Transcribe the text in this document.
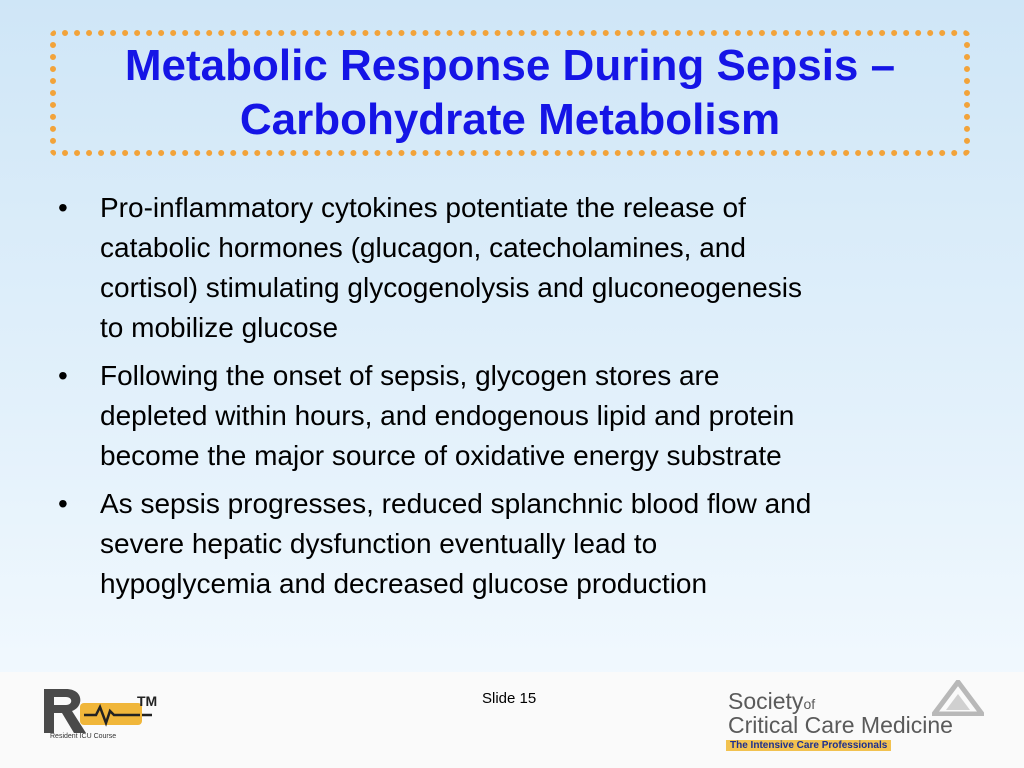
Metabolic Response During Sepsis –
Carbohydrate Metabolism
•	Pro-inflammatory cytokines potentiate the release of
catabolic hormones (glucagon, catecholamines, and
cortisol) stimulating glycogenolysis and gluconeogenesis
to mobilize glucose
•	Following the onset of sepsis, glycogen stores are
depleted within hours, and endogenous lipid and protein
become the major source of oxidative energy substrate
•	As sepsis progresses, reduced splanchnic blood flow and
severe hepatic dysfunction eventually lead to
hypoglycemia and decreased glucose production
TM
Resident ICU Course
Slide 15	Societyof
Critical Care Medicine
The Intensive Care Professionals
